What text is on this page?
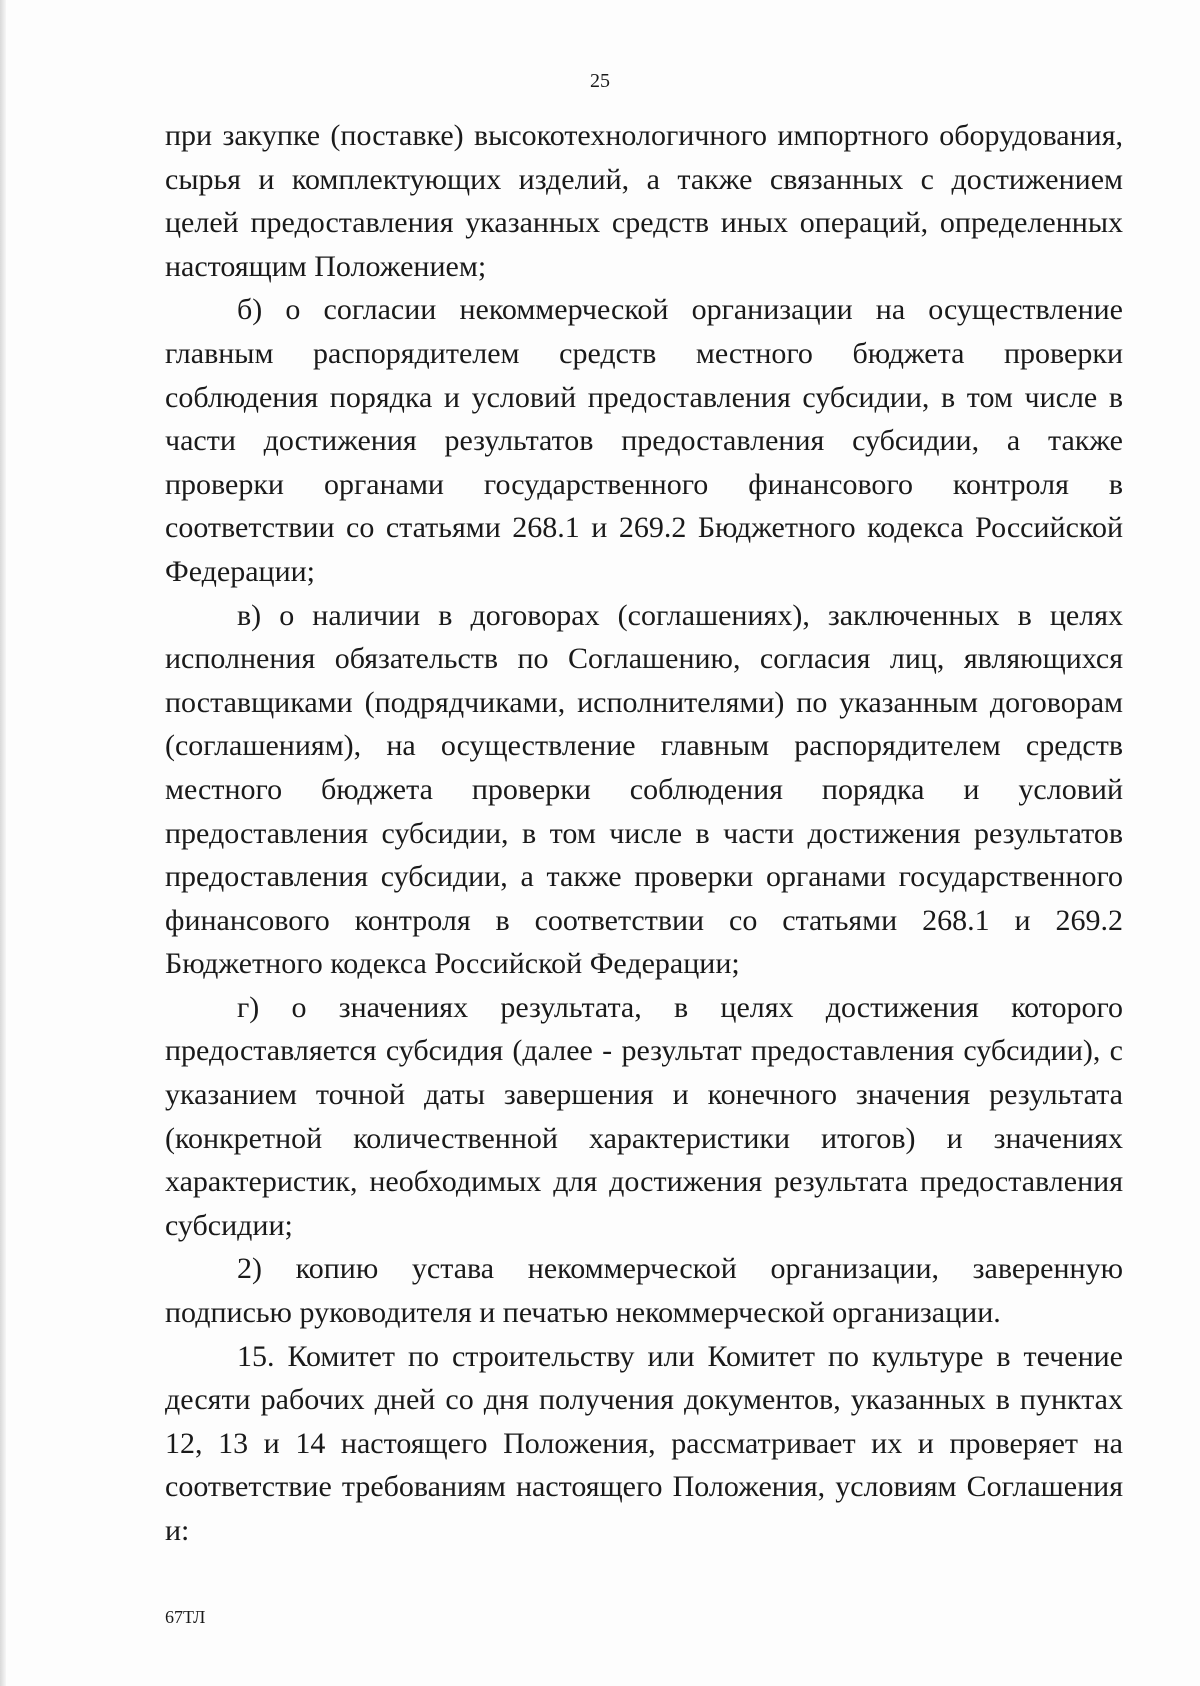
25

при закупке (поставке) высокотехнологичного импортного оборудования, сырья и комплектующих изделий, а также связанных с достижением целей предоставления указанных средств иных операций, определенных настоящим Положением;

б) о согласии некоммерческой организации на осуществление главным распорядителем средств местного бюджета проверки соблюдения порядка и условий предоставления субсидии, в том числе в части достижения результатов предоставления субсидии, а также проверки органами государственного финансового контроля в соответствии со статьями 268.1 и 269.2 Бюджетного кодекса Российской Федерации;

в) о наличии в договорах (соглашениях), заключенных в целях исполнения обязательств по Соглашению, согласия лиц, являющихся поставщиками (подрядчиками, исполнителями) по указанным договорам (соглашениям), на осуществление главным распорядителем средств местного бюджета проверки соблюдения порядка и условий предоставления субсидии, в том числе в части достижения результатов предоставления субсидии, а также проверки органами государственного финансового контроля в соответствии со статьями 268.1 и 269.2 Бюджетного кодекса Российской Федерации;

г) о значениях результата, в целях достижения которого предоставляется субсидия (далее - результат предоставления субсидии), с указанием точной даты завершения и конечного значения результата (конкретной количественной характеристики итогов) и значениях характеристик, необходимых для достижения результата предоставления субсидии;

2) копию устава некоммерческой организации, заверенную подписью руководителя и печатью некоммерческой организации.

15. Комитет по строительству или Комитет по культуре в течение десяти рабочих дней со дня получения документов, указанных в пунктах 12, 13 и 14 настоящего Положения, рассматривает их и проверяет на соответствие требованиям настоящего Положения, условиям Соглашения и:

67ТЛ
